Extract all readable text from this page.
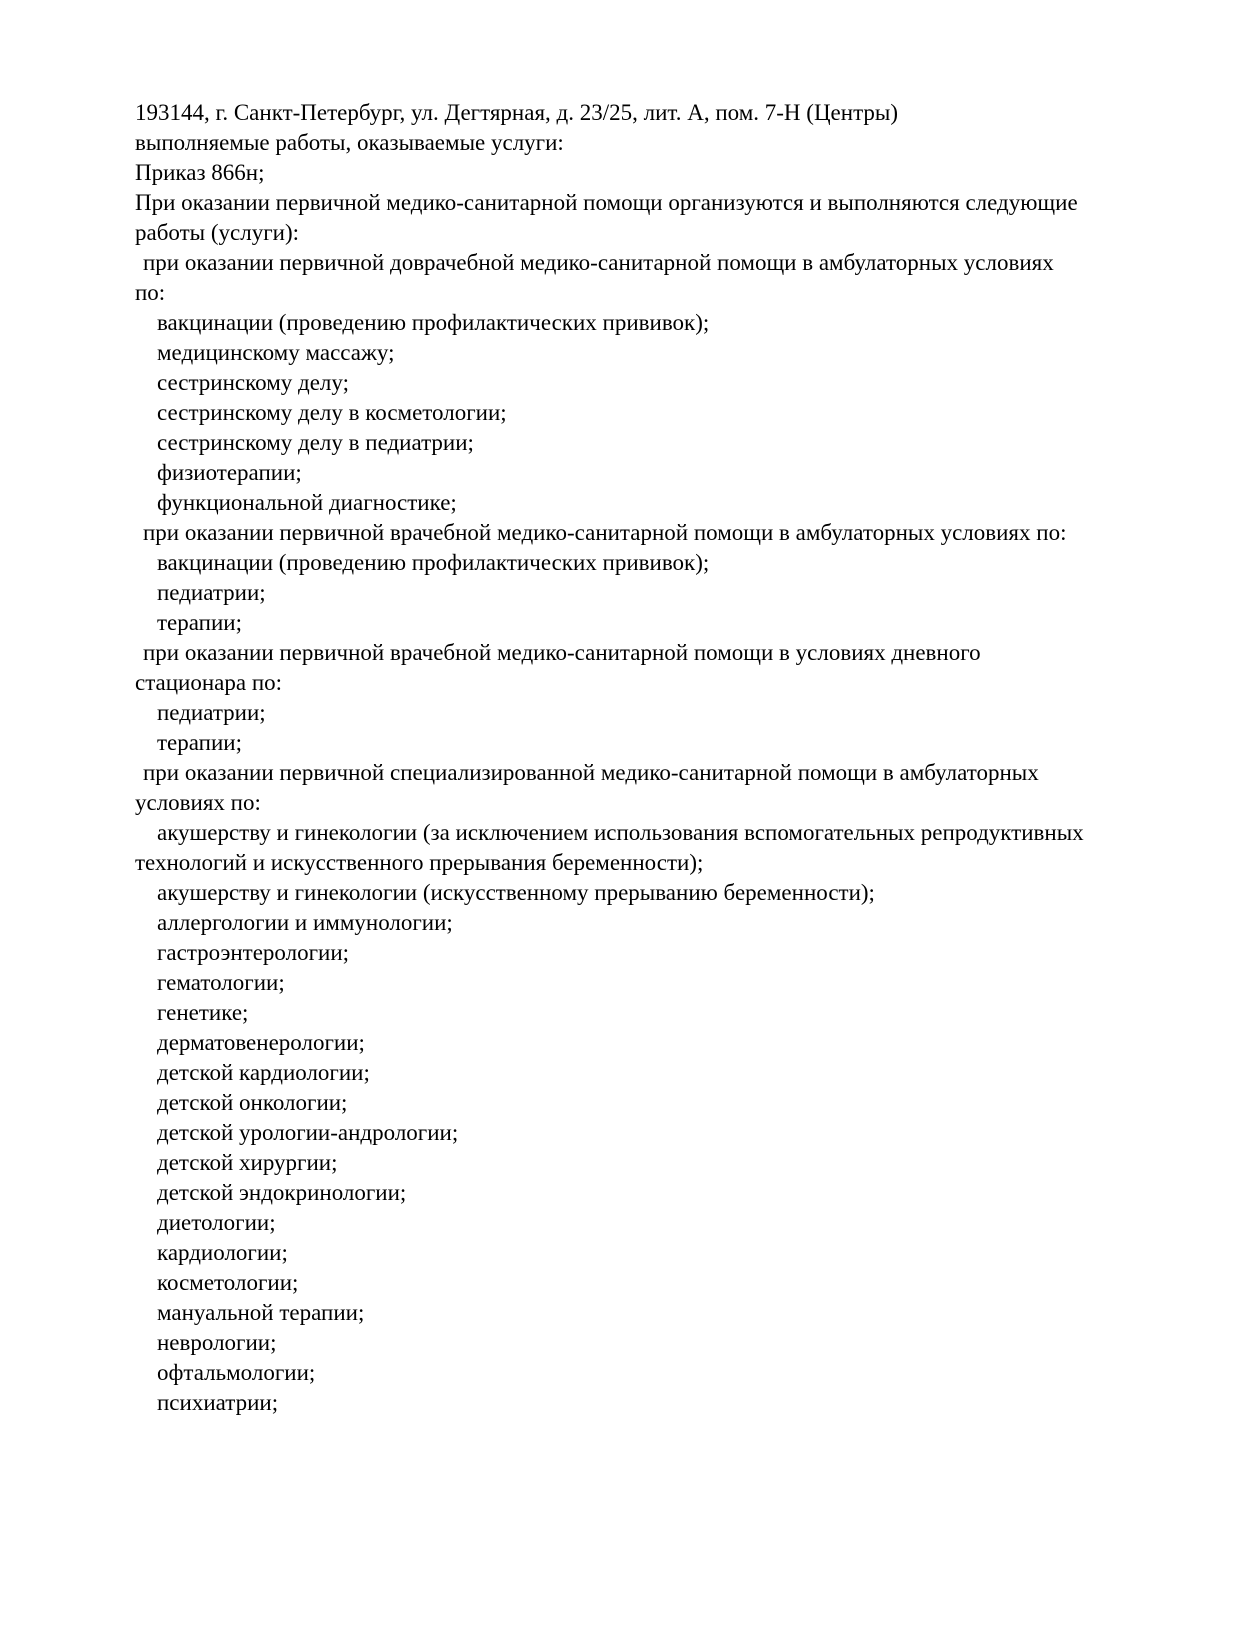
193144, г. Санкт-Петербург, ул. Дегтярная, д. 23/25, лит. А, пом. 7-Н (Центры)
выполняемые работы, оказываемые услуги:
Приказ 866н;
При оказании первичной медико-санитарной помощи организуются и выполняются следующие
работы (услуги):
при оказании первичной доврачебной медико-санитарной помощи в амбулаторных условиях
по:
вакцинации (проведению профилактических прививок);
медицинскому массажу;
сестринскому делу;
сестринскому делу в косметологии;
сестринскому делу в педиатрии;
физиотерапии;
функциональной диагностике;
при оказании первичной врачебной медико-санитарной помощи в амбулаторных условиях по:
вакцинации (проведению профилактических прививок);
педиатрии;
терапии;
при оказании первичной врачебной медико-санитарной помощи в условиях дневного
стационара по:
педиатрии;
терапии;
при оказании первичной специализированной медико-санитарной помощи в амбулаторных
условиях по:
акушерству и гинекологии (за исключением использования вспомогательных репродуктивных
технологий и искусственного прерывания беременности);
акушерству и гинекологии (искусственному прерыванию беременности);
аллергологии и иммунологии;
гастроэнтерологии;
гематологии;
генетике;
дерматовенерологии;
детской кардиологии;
детской онкологии;
детской урологии-андрологии;
детской хирургии;
детской эндокринологии;
диетологии;
кардиологии;
косметологии;
мануальной терапии;
неврологии;
офтальмологии;
психиатрии;
